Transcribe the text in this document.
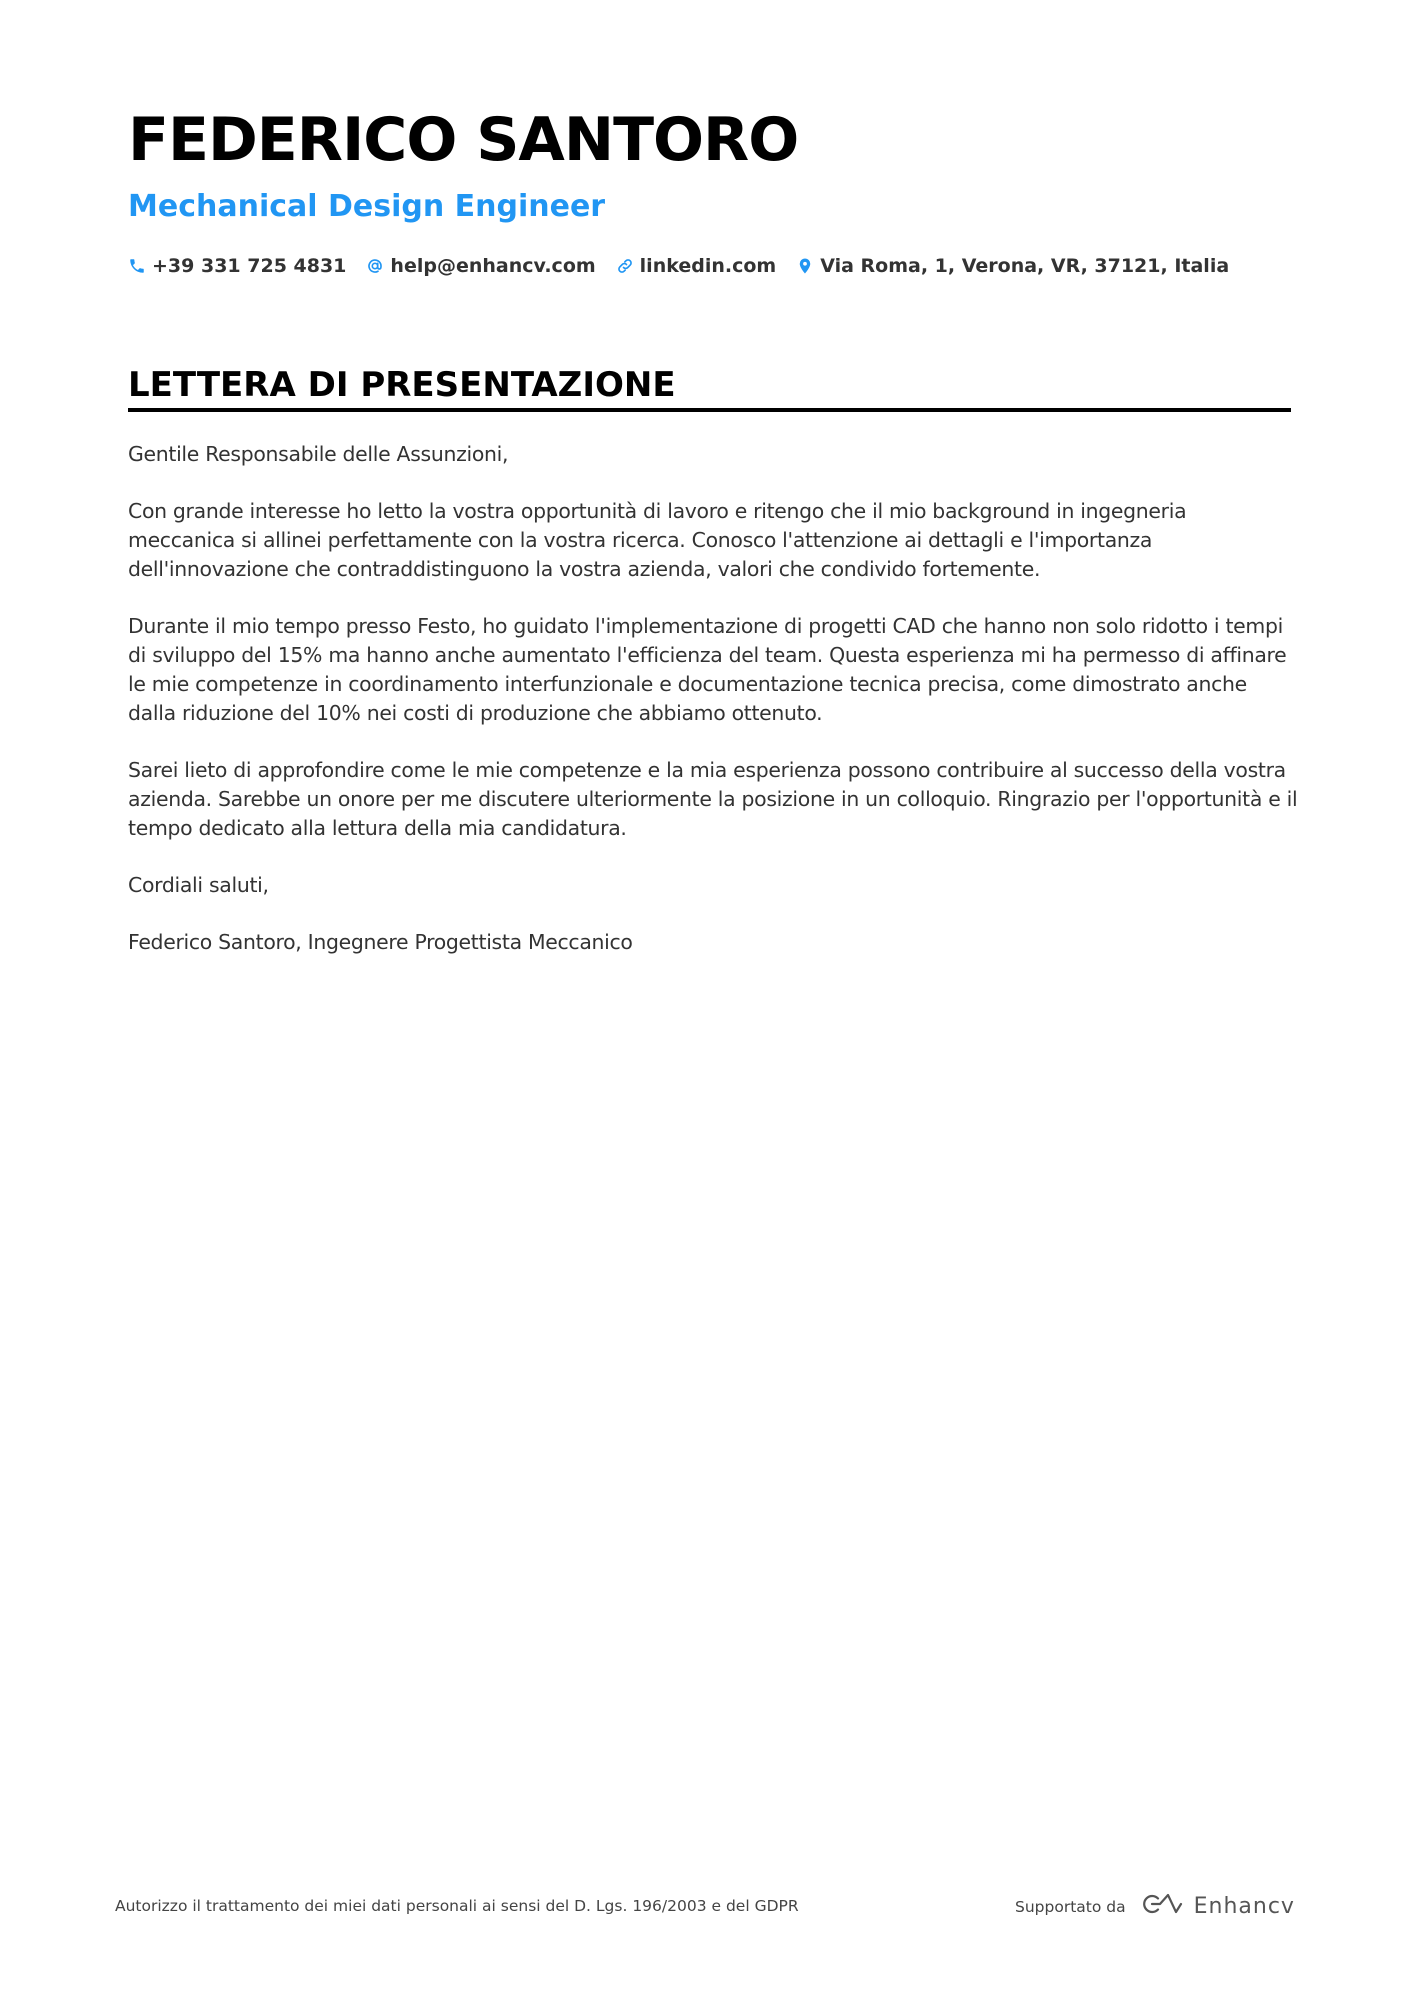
FEDERICO SANTORO
Mechanical Design Engineer
+39 331 725 4831 help@enhancv.com linkedin.com Via Roma, 1, Verona, VR, 37121, Italia
LETTERA DI PRESENTAZIONE

Gentile Responsabile delle Assunzioni,

Con grande interesse ho letto la vostra opportunità di lavoro e ritengo che il mio background in ingegneria meccanica si allinei perfettamente con la vostra ricerca. Conosco l'attenzione ai dettagli e l'importanza dell'innovazione che contraddistinguono la vostra azienda, valori che condivido fortemente.

Durante il mio tempo presso Festo, ho guidato l'implementazione di progetti CAD che hanno non solo ridotto i tempi di sviluppo del 15% ma hanno anche aumentato l'efficienza del team. Questa esperienza mi ha permesso di affinare le mie competenze in coordinamento interfunzionale e documentazione tecnica precisa, come dimostrato anche dalla riduzione del 10% nei costi di produzione che abbiamo ottenuto.

Sarei lieto di approfondire come le mie competenze e la mia esperienza possono contribuire al successo della vostra azienda. Sarebbe un onore per me discutere ulteriormente la posizione in un colloquio. Ringrazio per l'opportunità e il tempo dedicato alla lettura della mia candidatura.

Cordiali saluti,

Federico Santoro, Ingegnere Progettista Meccanico

Autorizzo il trattamento dei miei dati personali ai sensi del D. Lgs. 196/2003 e del GDPR	Supportato da	Enhancv
